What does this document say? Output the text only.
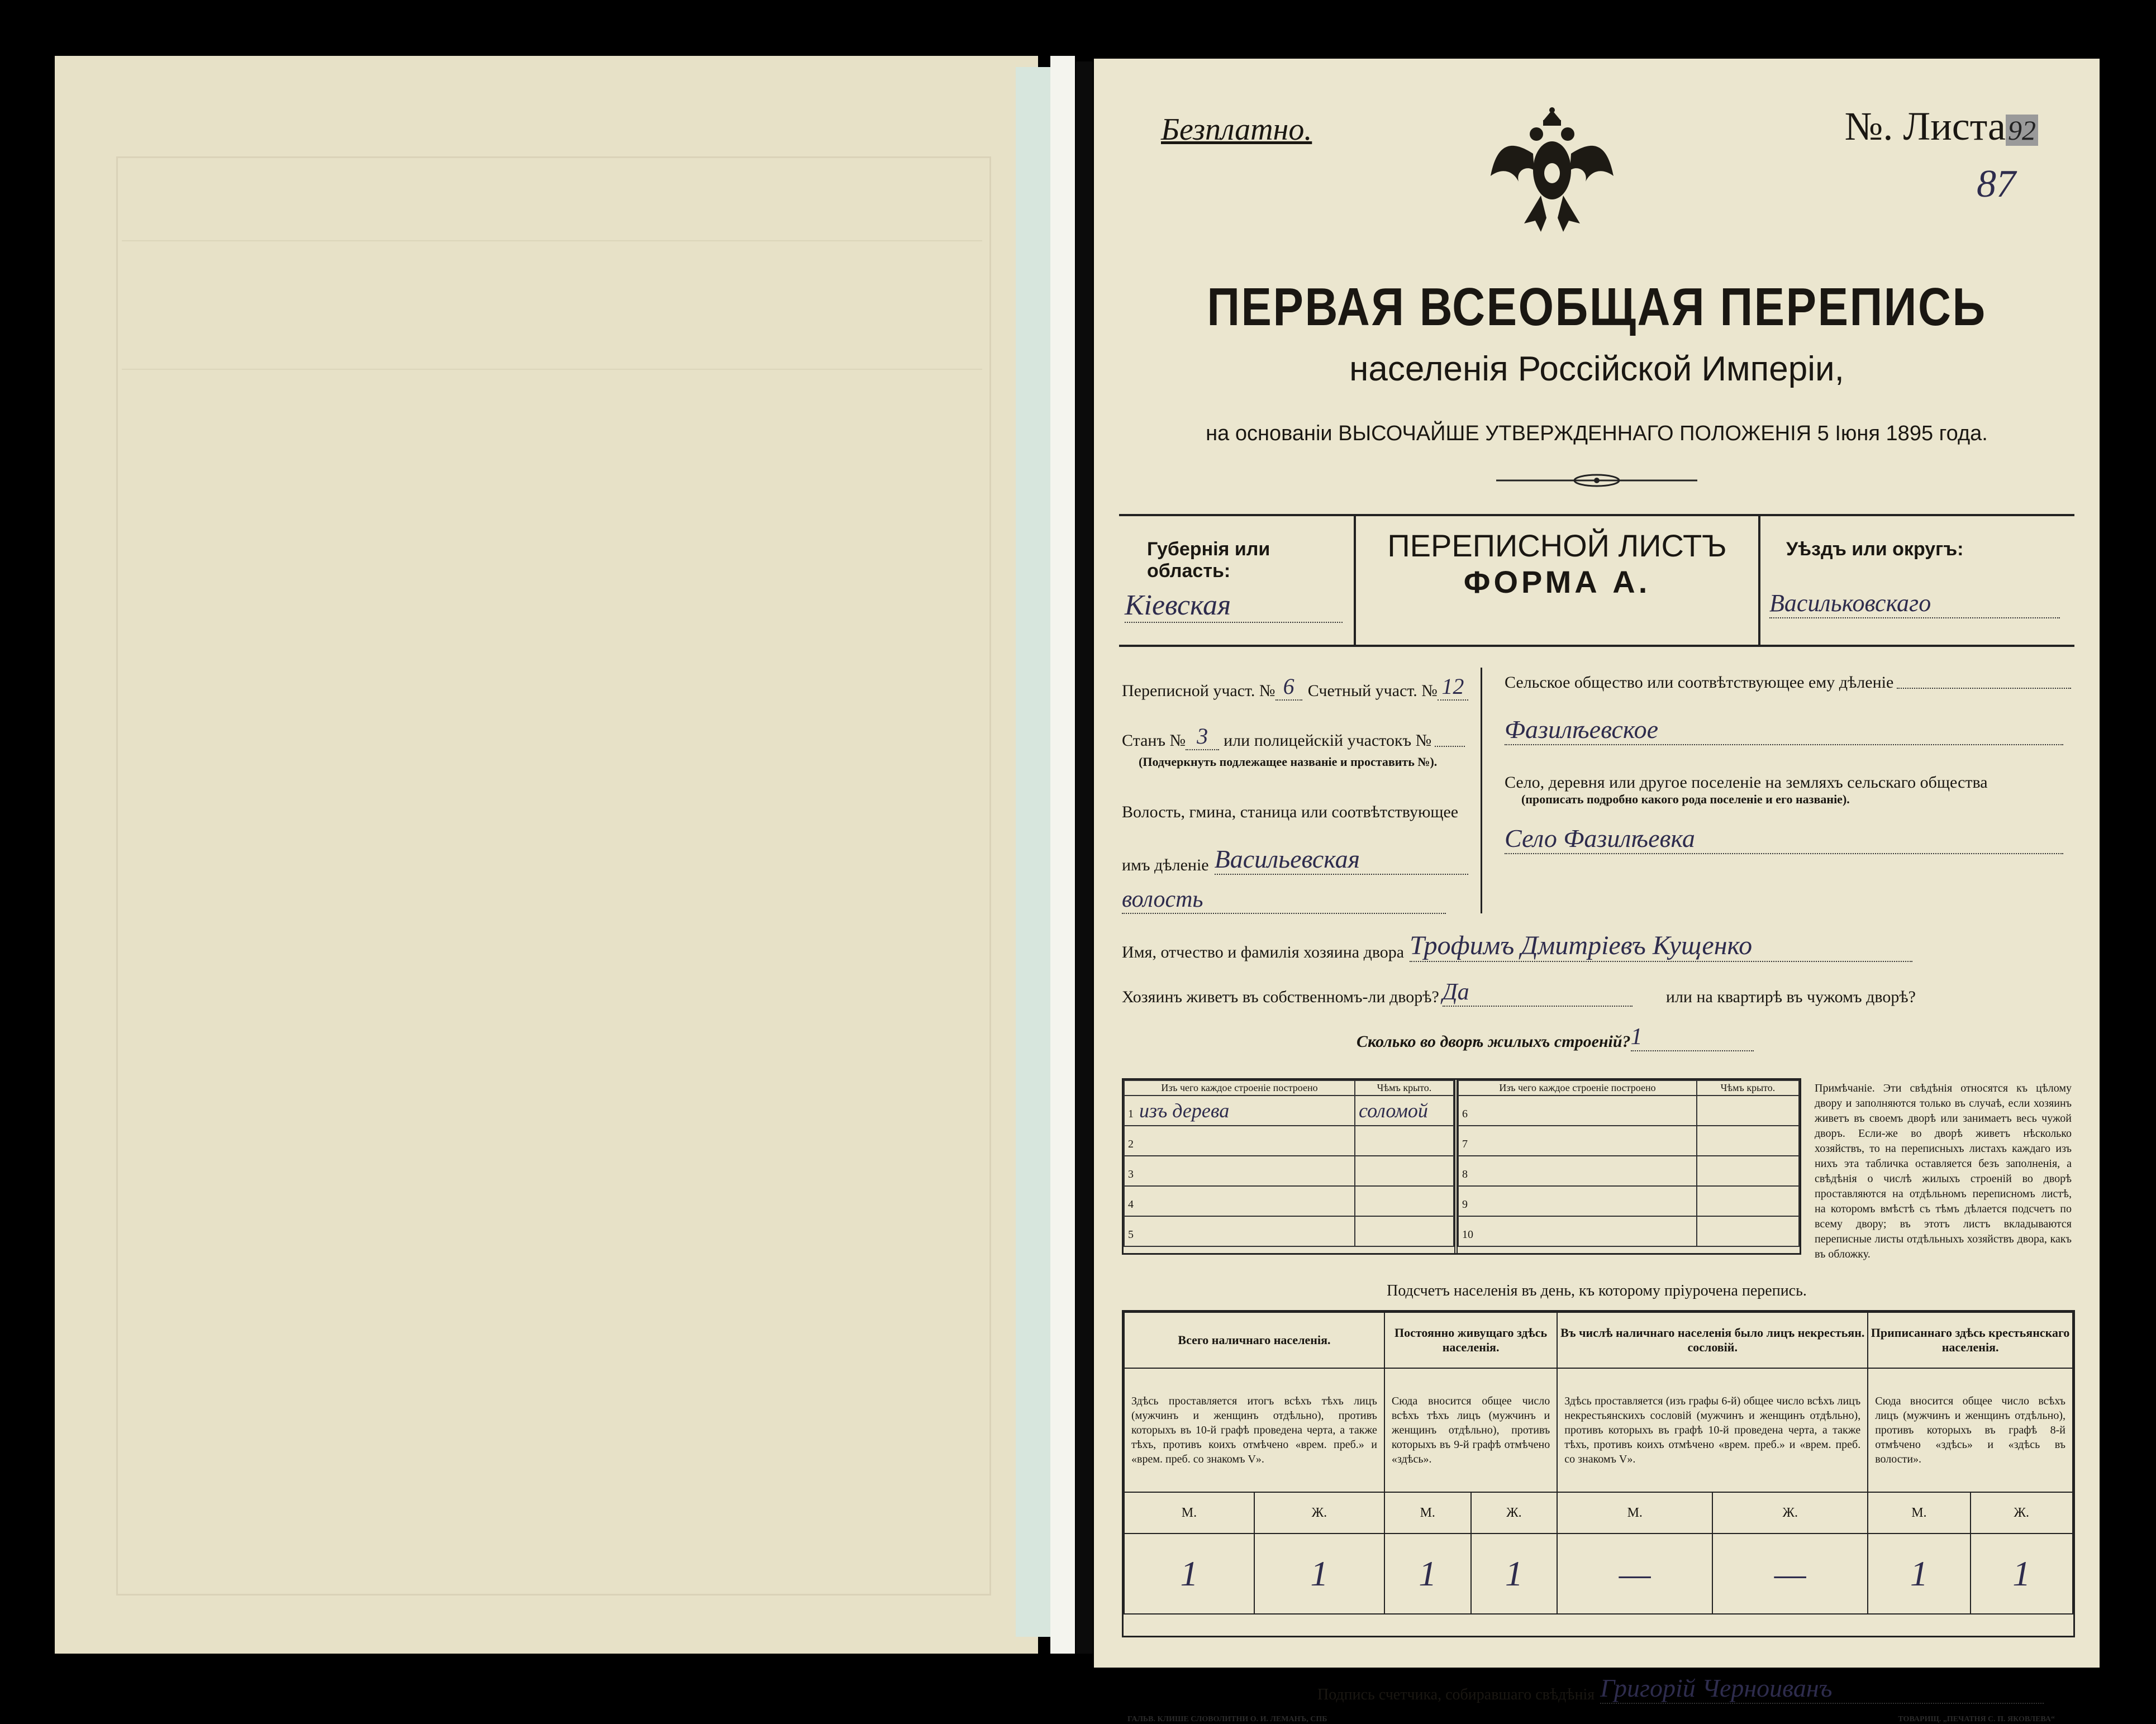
Безплатно.	№. Листа92
87
ПЕРВАЯ ВСЕОБЩАЯ ПЕРЕПИСЬ
населенія Россійской Имперіи,
на основаніи ВЫСОЧАЙШЕ УТВЕРЖДЕННАГО ПОЛОЖЕНІЯ 5 Іюня 1895 года.
Губернія или область:
Кіевская
ПЕРЕПИСНОЙ ЛИСТЪ
ФОРМА А.
Уѣздъ или округъ:
Васильковскаго
Переписной участ. № 6 Счетный участ. № 12
Станъ № 3 или полицейскій участокъ №
(Подчеркнуть подлежащее названіе и проставить №).
Волость, гмина, станица или соотвѣтствующее
имъ дѣленіе Васильевская
волость
Сельское общество или соотвѣтствующее ему дѣленіе
Фазилѣевское
Село, деревня или другое поселеніе на земляхъ сельскаго общества
(прописать подробно какого рода поселеніе и его названіе).
Село Фазилѣевка
Имя, отчество и фамилія хозяина двора Трофимъ Дмитріевъ Кущенко
Хозяинъ живетъ въ собственномъ-ли дворѣ? Да	или на квартирѣ въ чужомъ дворѣ?
Сколько во дворѣ жилыхъ строеній? 1
Изъ чего каждое строеніе построено	Чѣмъ крыто.
1 изъ дерева	соломой
2	
3	
4	
5	
Изъ чего каждое строеніе построено	Чѣмъ крыто.
6	
7	
8	
9	
10	
Примѣчаніе. Эти свѣдѣнія относятся къ цѣлому двору и заполняются только въ случаѣ, если хозяинъ живетъ въ своемъ дворѣ или занимаетъ весь чужой дворъ. Если-же во дворѣ живетъ нѣсколько хозяйствъ, то на переписныхъ листахъ каждаго изъ нихъ эта табличка оставляется безъ заполненія, а свѣдѣнія о числѣ жилыхъ строеній во дворѣ проставляются на отдѣльномъ переписномъ листѣ, на которомъ вмѣстѣ съ тѣмъ дѣлается подсчетъ по всему двору; въ этотъ листъ вкладываются переписные листы отдѣльныхъ хозяйствъ двора, какъ въ обложку.
Подсчетъ населенія въ день, къ которому пріурочена перепись.
Всего наличнаго населенія.		Постоянно живущаго здѣсь населенія.		Въ числѣ наличнаго населенія было лицъ некрестьян. сословій.		Приписаннаго здѣсь крестьянскаго населенія.	
Здѣсь проставляется итогъ всѣхъ тѣхъ лицъ (мужчинъ и женщинъ отдѣльно), противъ которыхъ въ 10-й графѣ проведена черта, а также тѣхъ, противъ коихъ отмѣчено «врем. преб.» и «врем. преб. со знакомъ V».		Сюда вносится общее число всѣхъ тѣхъ лицъ (мужчинъ и женщинъ отдѣльно), противъ которыхъ въ 9-й графѣ отмѣчено «здѣсь».		Здѣсь проставляется (изъ графы 6-й) общее число всѣхъ лицъ некрестьянскихъ сословій (мужчинъ и женщинъ отдѣльно), противъ которыхъ въ графѣ 10-й проведена черта, а также тѣхъ, противъ коихъ отмѣчено «врем. преб.» и «врем. преб. со знакомъ V».		Сюда вносится общее число всѣхъ лицъ (мужчинъ и женщинъ отдѣльно), противъ которыхъ въ графѣ 8-й отмѣчено «здѣсь» и «здѣсь въ волости».	
М.	Ж.	М.	Ж.	М.	Ж.	М.	Ж.
1	1	1	1	—	—	1	1
Подпись счетчика, собиравшаго свѣдѣнія Григорій Черноиванъ
ГАЛЬВ. КЛИШЕ СЛОВОЛИТНИ О. И. ЛЕМАНЪ, СПБ	ТОВАРИЩ. „ПЕЧАТНЯ С. П. ЯКОВЛЕВА“
